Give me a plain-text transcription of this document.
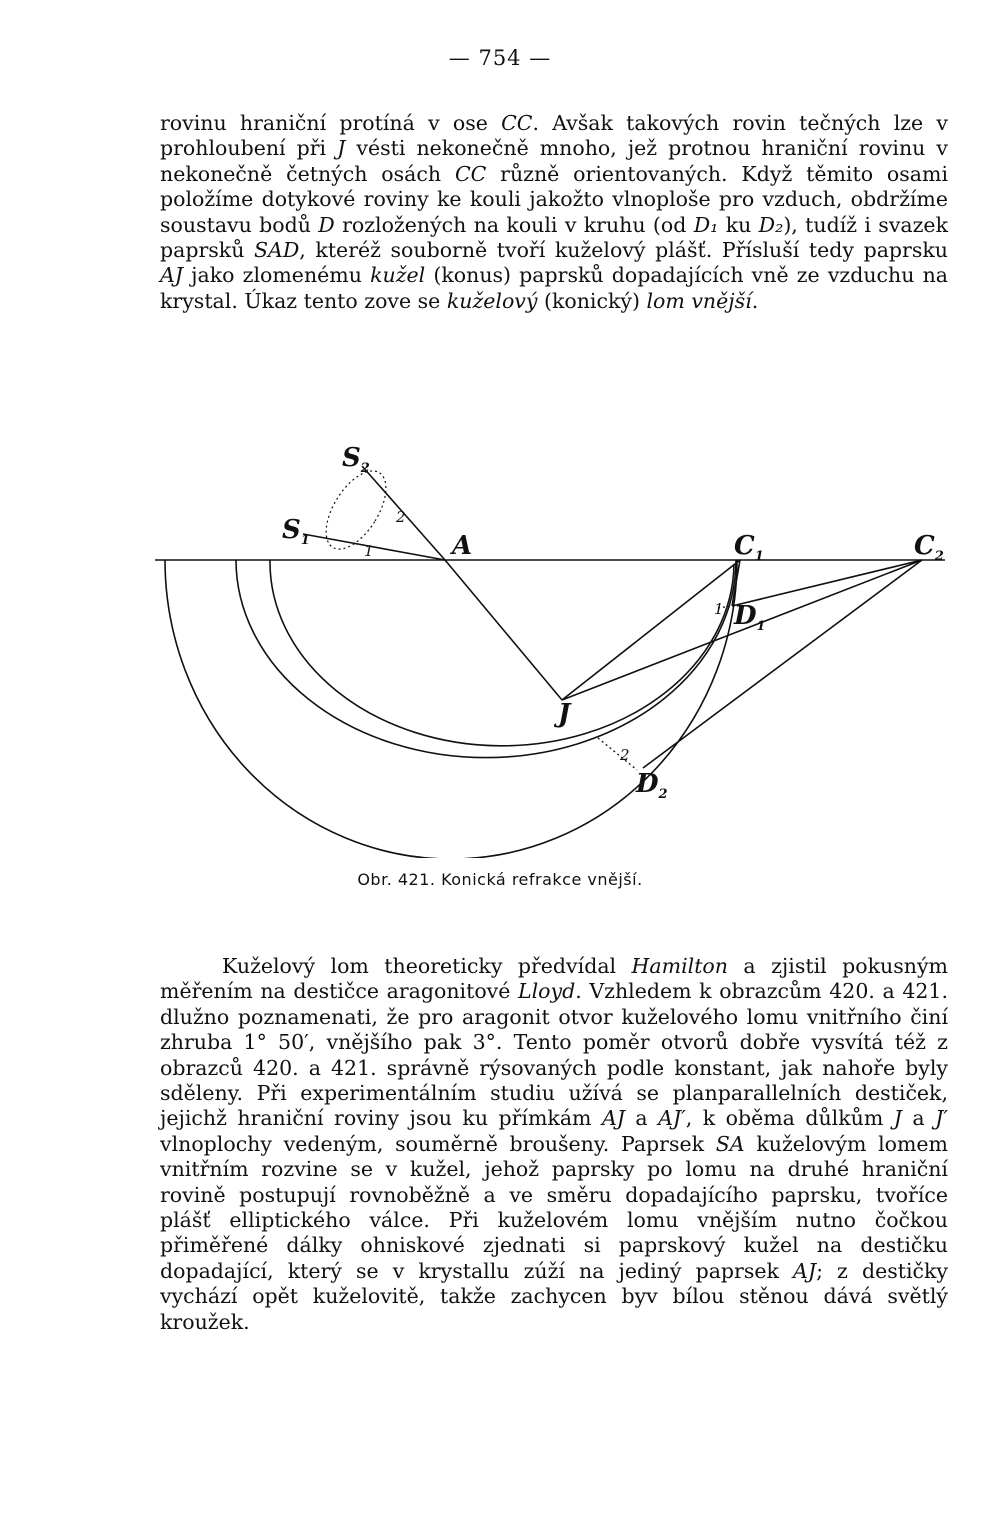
— 754 —

rovinu hraniční protíná v ose CC. Avšak takových rovin tečných lze v prohloubení při J vésti nekonečně mnoho, jež protnou hraniční rovinu v nekonečně četných osách CC různě orientovaných. Když těmito osami položíme dotykové roviny ke kouli jakožto vlnoploše pro vzduch, obdržíme soustavu bodů D rozložených na kouli v kruhu (od D₁ ku D₂), tudíž i svazek paprsků SAD, kteréž souborně tvoří kuželový plášť. Přísluší tedy paprsku AJ jako zlomenému kužel (konus) paprsků dopadajících vně ze vzduchu na krystal. Úkaz tento zove se kuželový (konický) lom vnější.

$S_2$
$S_1$	A	$C_1$	$C_2$
$D_1$
$D_2$
J
1
2
1
2
Obr. 421. Konická refrakce vnější.

Kuželový lom theoreticky předvídal Hamilton a zjistil pokusným měřením na destičce aragonitové Lloyd. Vzhledem k obrazcům 420. a 421. dlužno poznamenati, že pro aragonit otvor kuželového lomu vnitřního činí zhruba 1° 50′, vnějšího pak 3°. Tento poměr otvorů dobře vysvítá též z obrazců 420. a 421. správně rýsovaných podle konstant, jak nahoře byly sděleny. Při experimentálním studiu užívá se planparallelních destiček, jejichž hraniční roviny jsou ku přímkám AJ a AJ′, k oběma důlkům J a J′ vlnoplochy vedeným, souměrně broušeny. Paprsek SA kuželovým lomem vnitřním rozvine se v kužel, jehož paprsky po lomu na druhé hraniční rovině postupují rovnoběžně a ve směru dopadajícího paprsku, tvoříce plášť elliptického válce. Při kuželovém lomu vnějším nutno čočkou přiměřené dálky ohniskové zjednati si paprskový kužel na destičku dopadající, který se v krystallu zúží na jediný paprsek AJ; z destičky vychází opět kuželovitě, takže zachycen byv bílou stěnou dává světlý kroužek.
